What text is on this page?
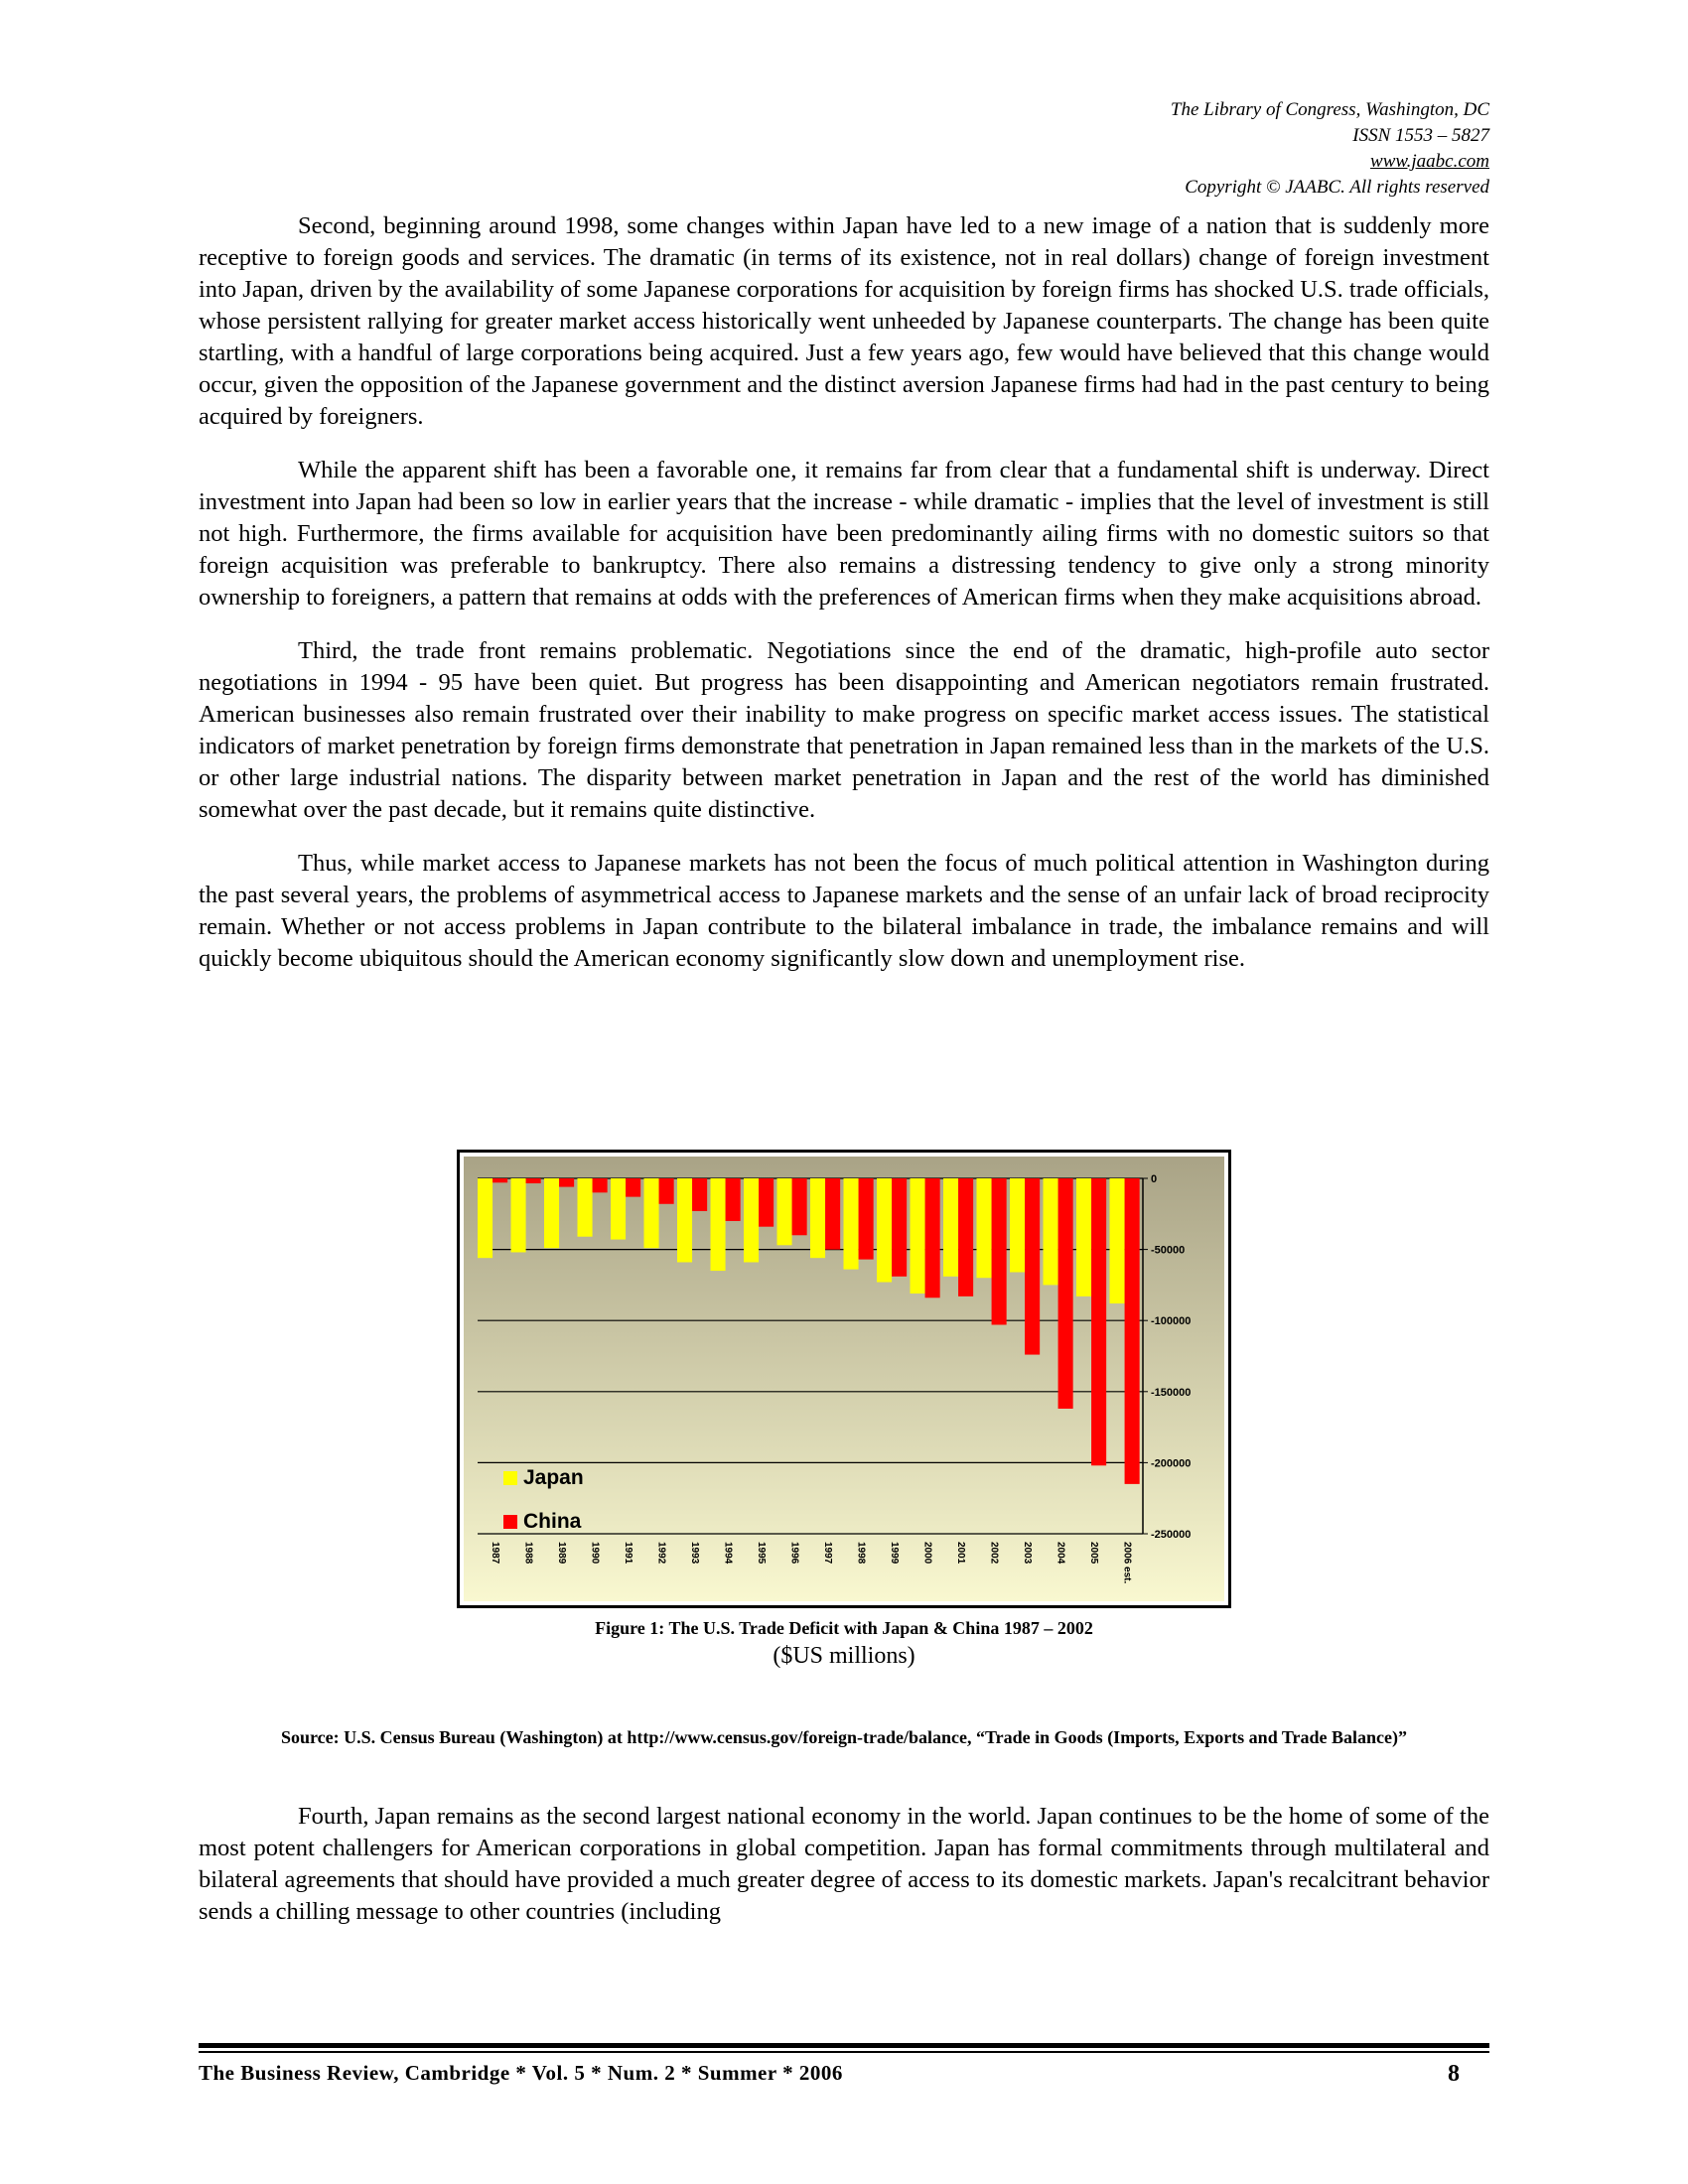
The Library of Congress, Washington, DC
ISSN 1553 – 5827
www.jaabc.com
Copyright © JAABC. All rights reserved

Second, beginning around 1998, some changes within Japan have led to a new image of a nation that is suddenly more receptive to foreign goods and services. The dramatic (in terms of its existence, not in real dollars) change of foreign investment into Japan, driven by the availability of some Japanese corporations for acquisition by foreign firms has shocked U.S. trade officials, whose persistent rallying for greater market access historically went unheeded by Japanese counterparts. The change has been quite startling, with a handful of large corporations being acquired. Just a few years ago, few would have believed that this change would occur, given the opposition of the Japanese government and the distinct aversion Japanese firms had had in the past century to being acquired by foreigners.

While the apparent shift has been a favorable one, it remains far from clear that a fundamental shift is underway. Direct investment into Japan had been so low in earlier years that the increase - while dramatic - implies that the level of investment is still not high. Furthermore, the firms available for acquisition have been predominantly ailing firms with no domestic suitors so that foreign acquisition was preferable to bankruptcy. There also remains a distressing tendency to give only a strong minority ownership to foreigners, a pattern that remains at odds with the preferences of American firms when they make acquisitions abroad.

Third, the trade front remains problematic. Negotiations since the end of the dramatic, high-profile auto sector negotiations in 1994 - 95 have been quiet. But progress has been disappointing and American negotiators remain frustrated. American businesses also remain frustrated over their inability to make progress on specific market access issues. The statistical indicators of market penetration by foreign firms demonstrate that penetration in Japan remained less than in the markets of the U.S. or other large industrial nations. The disparity between market penetration in Japan and the rest of the world has diminished somewhat over the past decade, but it remains quite distinctive.

Thus, while market access to Japanese markets has not been the focus of much political attention in Washington during the past several years, the problems of asymmetrical access to Japanese markets and the sense of an unfair lack of broad reciprocity remain. Whether or not access problems in Japan contribute to the bilateral imbalance in trade, the imbalance remains and will quickly become ubiquitous should the American economy significantly slow down and unemployment rise.

0
-50000
-100000
-150000
-200000
-250000
1987 1988 1989 1990 1991 1992 1993 1994 1995 1996 1997 1998 1999 2000 2001 2002 2003 2004 2005 2006 est.
Japan
China
Figure 1: The U.S. Trade Deficit with Japan & China 1987 – 2002
($US millions)
Source: U.S. Census Bureau (Washington) at http://www.census.gov/foreign-trade/balance, “Trade in Goods (Imports, Exports and Trade Balance)”

Fourth, Japan remains as the second largest national economy in the world. Japan continues to be the home of some of the most potent challengers for American corporations in global competition. Japan has formal commitments through multilateral and bilateral agreements that should have provided a much greater degree of access to its domestic markets. Japan's recalcitrant behavior sends a chilling message to other countries (including

The Business Review, Cambridge * Vol. 5 * Num. 2 * Summer * 2006	8
